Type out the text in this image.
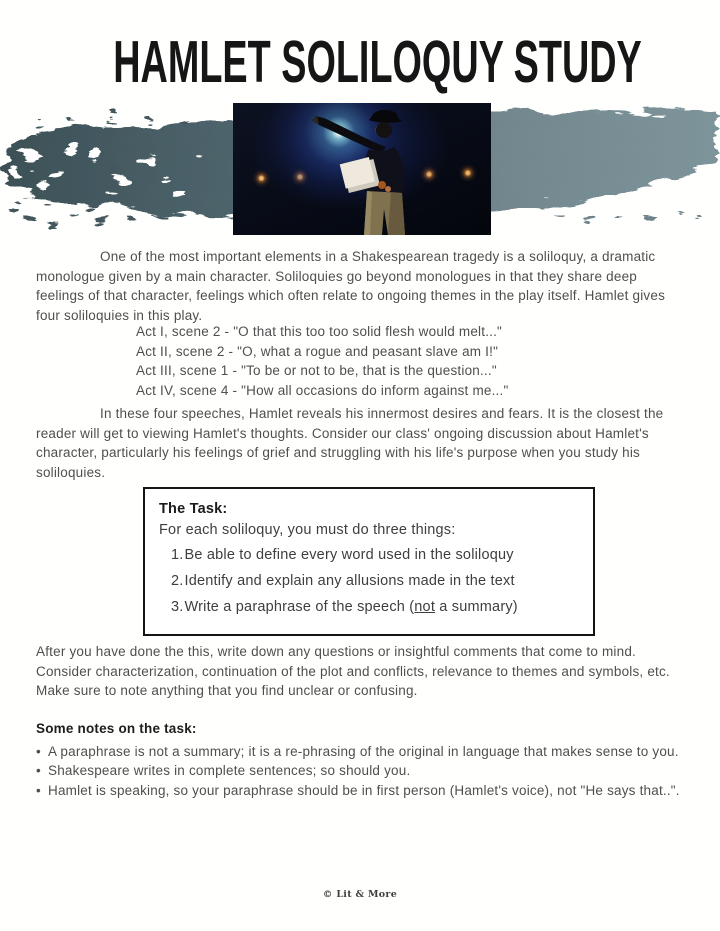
HAMLET SOLILOQUY STUDY
One of the most important elements in a Shakespearean tragedy is a soliloquy, a dramatic monologue given by a main character. Soliloquies go beyond monologues in that they share deep feelings of that character, feelings which often relate to ongoing themes in the play itself. Hamlet gives four soliloquies in this play.
Act I, scene 2 - "O that this too too solid flesh would melt..."
Act II, scene 2 - "O, what a rogue and peasant slave am I!"
Act III, scene 1 - "To be or not to be, that is the question..."
Act IV, scene 4 - "How all occasions do inform against me..."
In these four speeches, Hamlet reveals his innermost desires and fears. It is the closest the reader will get to viewing Hamlet's thoughts. Consider our class' ongoing discussion about Hamlet's character, particularly his feelings of grief and struggling with his life's purpose when you study his soliloquies.
The Task:
For each soliloquy, you must do three things:
1.Be able to define every word used in the soliloquy
2.Identify and explain any allusions made in the text
3.Write a paraphrase of the speech (not a summary)
After you have done the this, write down any questions or insightful comments that come to mind.  Consider characterization, continuation of the plot and conflicts, relevance to themes and symbols, etc.  Make sure to note anything that you find unclear or confusing.
Some notes on the task:
• A paraphrase is not a summary; it is a re-phrasing of the original in language that makes sense to you.
• Shakespeare writes in complete sentences; so should you.
• Hamlet is speaking, so your paraphrase should be in first person (Hamlet's voice), not "He says that..".
© Lit & More
